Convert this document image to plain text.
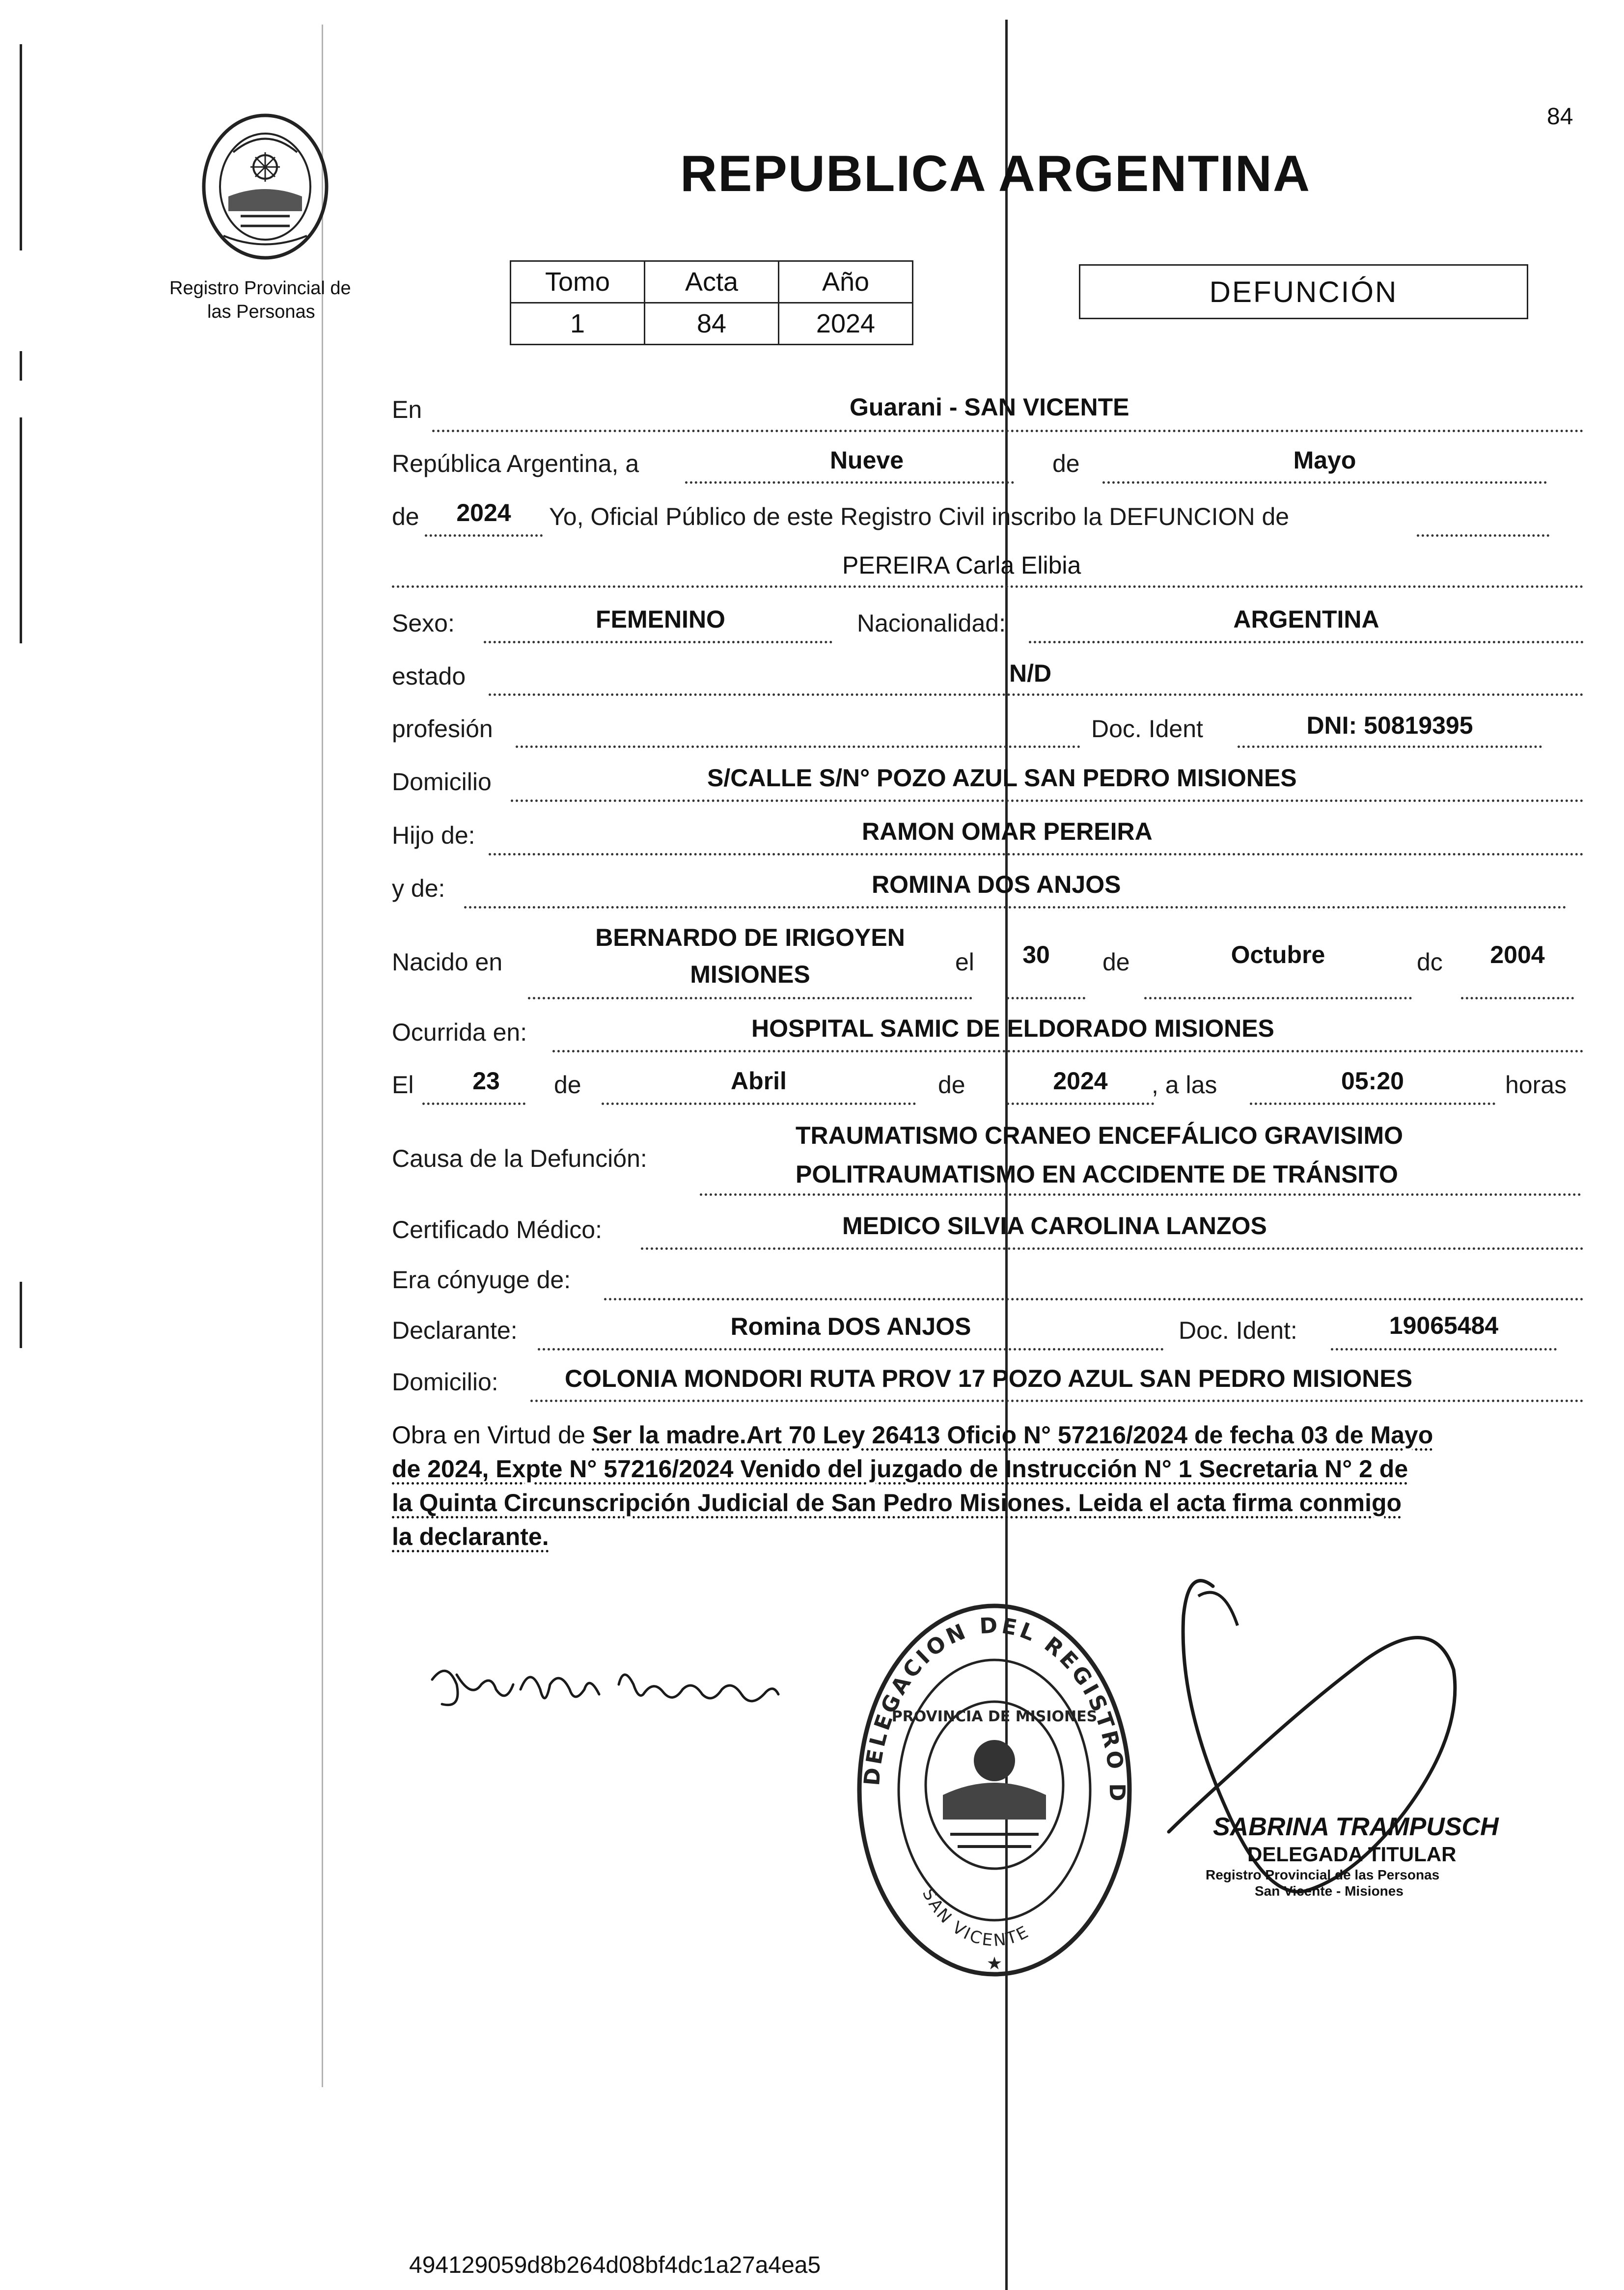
84
Registro Provincial de
las Personas
REPUBLICA ARGENTINA
Tomo	Acta	Año
1	84	2024
DEFUNCIÓN
En	Guarani - SAN VICENTE
República Argentina, a	Nueve	de	Mayo
de	2024	Yo, Oficial Público de este Registro Civil inscribo la DEFUNCION de
PEREIRA Carla Elibia
Sexo:	FEMENINO	Nacionalidad:	ARGENTINA
estado	N/D
profesión	Doc. Ident	DNI: 50819395
Domicilio	S/CALLE S/N° POZO AZUL SAN PEDRO MISIONES
Hijo de:	RAMON OMAR PEREIRA
y de:	ROMINA DOS ANJOS
Nacido en
BERNARDO DE IRIGOYEN
MISIONES	el	30	de	Octubre	dc	2004
Ocurrida en:	HOSPITAL SAMIC DE ELDORADO MISIONES
El	23	de	Abril	de	2024	, a las	05:20	horas
Causa de la Defunción:
TRAUMATISMO CRANEO ENCEFÁLICO GRAVISIMO
POLITRAUMATISMO EN ACCIDENTE DE TRÁNSITO
Certificado Médico:	MEDICO SILVIA CAROLINA LANZOS
Era cónyuge de:
Declarante:	Romina DOS ANJOS	Doc. Ident:	19065484
Domicilio:	COLONIA MONDORI RUTA PROV 17 POZO AZUL SAN PEDRO MISIONES
Obra en Virtud de Ser la madre.Art 70 Ley 26413 Oficio N° 57216/2024 de fecha 03 de Mayo
de 2024, Expte N° 57216/2024 Venido del juzgado de Instrucción N° 1 Secretaria N° 2 de
la Quinta Circunscripción Judicial de San Pedro Misiones. Leida el acta firma conmigo
la declarante.
DELEGACION DEL REGISTRO D
SAN VICENTE
PROVINCIA DE MISIONES
★
SABRINA TRAMPUSCH
DELEGADA TITULAR
Registro Provincial de las Personas
San Vicente - Misiones
494129059d8b264d08bf4dc1a27a4ea5
